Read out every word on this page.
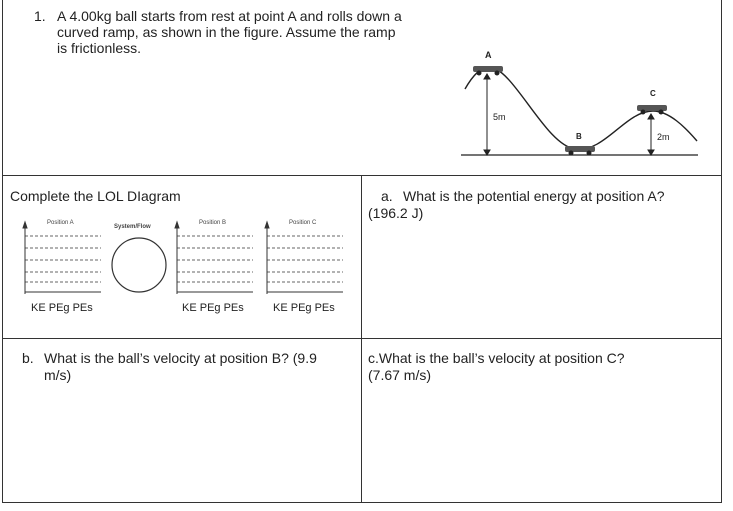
1. A 4.00kg ball starts from rest at point A and rolls down a
curved ramp, as shown in the figure. Assume the ramp
is frictionless.	A
B
C
5m
2m
Complete the LOL DIagram
Position A
System/Flow
Position B	Position C
KE PEg PEs	KE PEg PEs	KE PEg PEs
a. What is the potential energy at position A?
(196.2 J)
b. What is the ball’s velocity at position B? (9.9
m/s)
c.What is the ball’s velocity at position C?
(7.67 m/s)
